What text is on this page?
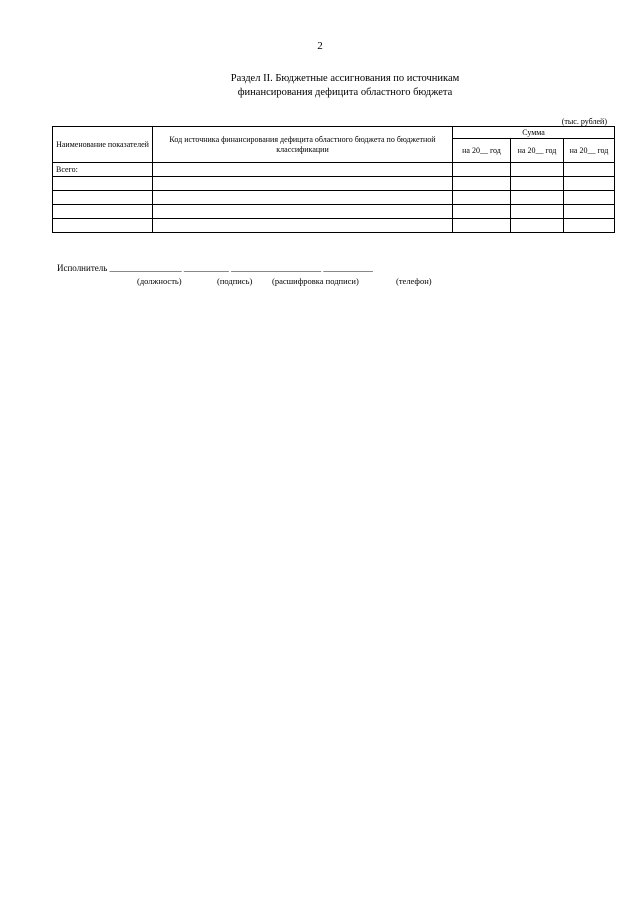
2
Раздел II. Бюджетные ассигнования по источникам
финансирования дефицита областного бюджета
(тыс. рублей)
Наименование показателей	Код источника финансирования дефицита областного бюджета по бюджетной классификации	Сумма		
		на 20__ год	на 20__ год	на 20__ год
Всего:				

Исполнитель ________________ __________ ____________________ ___________
(должность)	(подпись) (расшифровка подписи)	(телефон)
